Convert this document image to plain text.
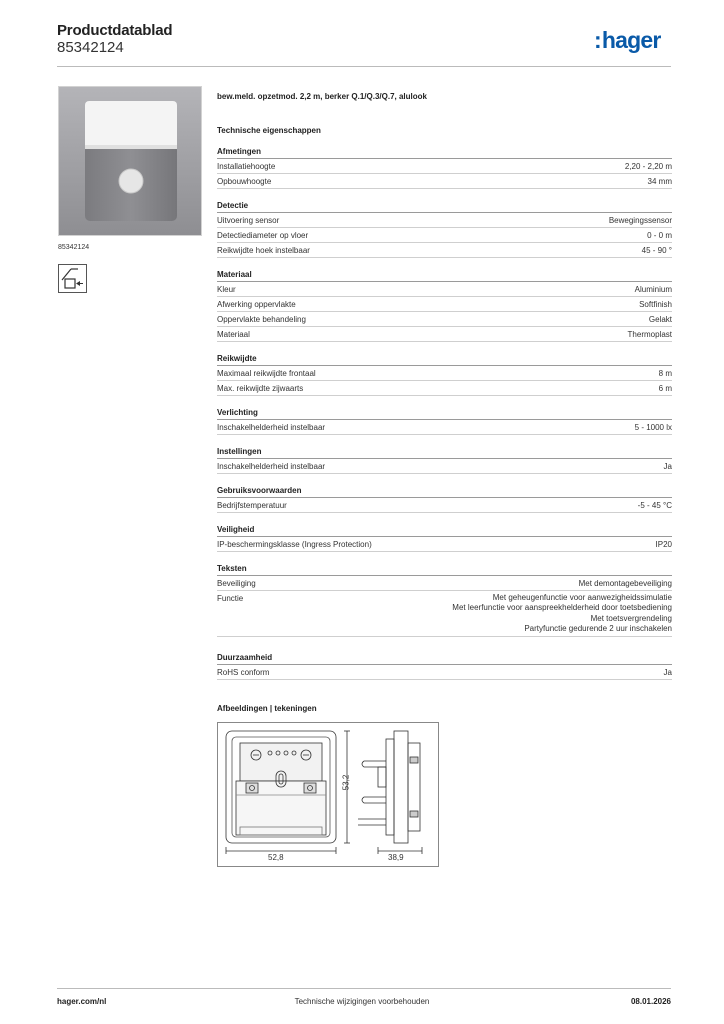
Productdatablad
85342124	:hager
85342124
bew.meld. opzetmod. 2,2 m, berker Q.1/Q.3/Q.7, alulook
Technische eigenschappen
Afmetingen
Installatiehoogte	2,20 - 2,20 m
Opbouwhoogte	34 mm
Detectie
Uitvoering sensor	Bewegingssensor
Detectiediameter op vloer	0 - 0 m
Reikwijdte hoek instelbaar	45 - 90 °
Materiaal
Kleur	Aluminium
Afwerking oppervlakte	Softfinish
Oppervlakte behandeling	Gelakt
Materiaal	Thermoplast
Reikwijdte
Maximaal reikwijdte frontaal	8 m
Max. reikwijdte zijwaarts	6 m
Verlichting
Inschakelhelderheid instelbaar	5 - 1000 lx
Instellingen
Inschakelhelderheid instelbaar	Ja
Gebruiksvoorwaarden
Bedrijfstemperatuur	-5 - 45 °C
Veiligheid
IP-beschermingsklasse (Ingress Protection)	IP20
Teksten
Beveiliging	Met demontagebeveiliging
Functie	Met geheugenfunctie voor aanwezigheidssimulatie
Met leerfunctie voor aanspreekhelderheid door toetsbediening
Met toetsvergrendeling
Partyfunctie gedurende 2 uur inschakelen
Duurzaamheid
RoHS conform	Ja
Afbeeldingen | tekeningen
52,8
53,2
38,9
hager.com/nl	Technische wijzigingen voorbehouden	08.01.2026
